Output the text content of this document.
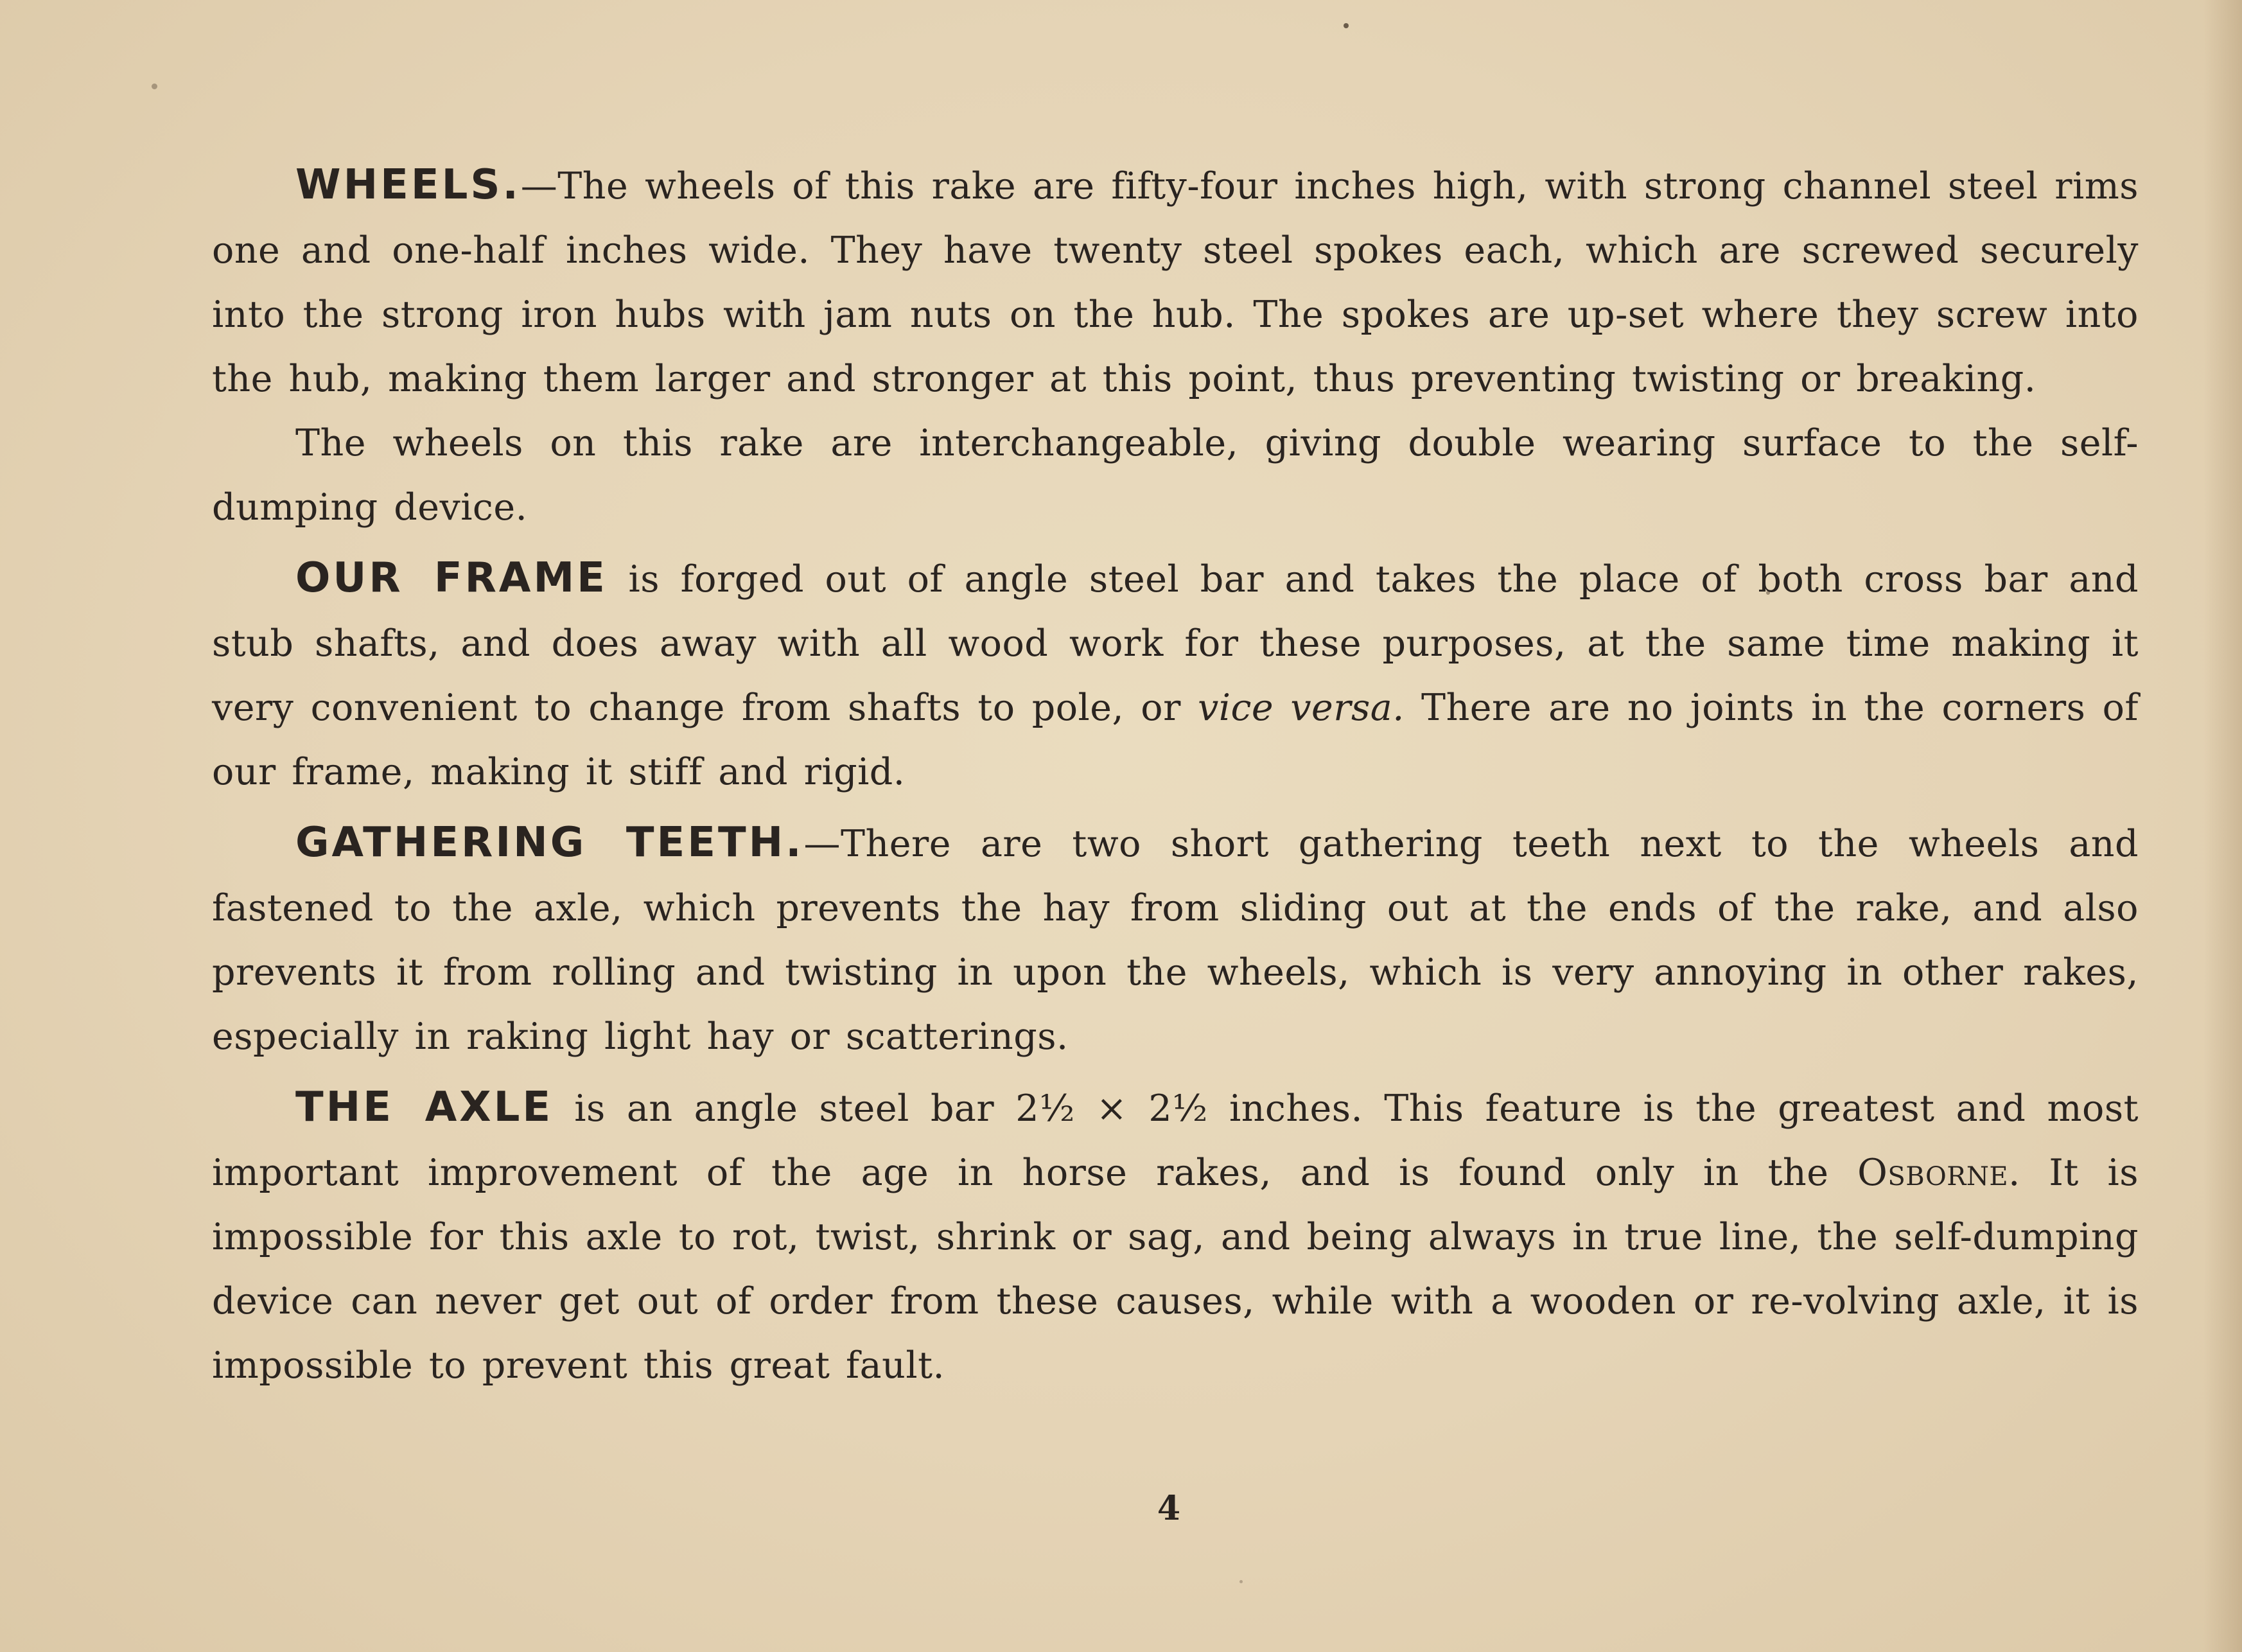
WHEELS.—The wheels of this rake are fifty-four inches high, with strong channel steel rims one and one-half inches wide. They have twenty steel spokes each, which are screwed securely into the strong iron hubs with jam nuts on the hub. The spokes are up-set where they screw into the hub, making them larger and stronger at this point, thus preventing twisting or breaking.

The wheels on this rake are interchangeable, giving double wearing surface to the self-dumping device.

OUR FRAME is forged out of angle steel bar and takes the place of both cross bar and stub shafts, and does away with all wood work for these purposes, at the same time making it very convenient to change from shafts to pole, or vice versa. There are no joints in the corners of our frame, making it stiff and rigid.

GATHERING TEETH.—There are two short gathering teeth next to the wheels and fastened to the axle, which prevents the hay from sliding out at the ends of the rake, and also prevents it from rolling and twisting in upon the wheels, which is very annoying in other rakes, especially in raking light hay or scatterings.

THE AXLE is an angle steel bar 2½ × 2½ inches. This feature is the greatest and most important improvement of the age in horse rakes, and is found only in the Osborne. It is impossible for this axle to rot, twist, shrink or sag, and being always in true line, the self-dumping device can never get out of order from these causes, while with a wooden or re-volving axle, it is impossible to prevent this great fault.

4
